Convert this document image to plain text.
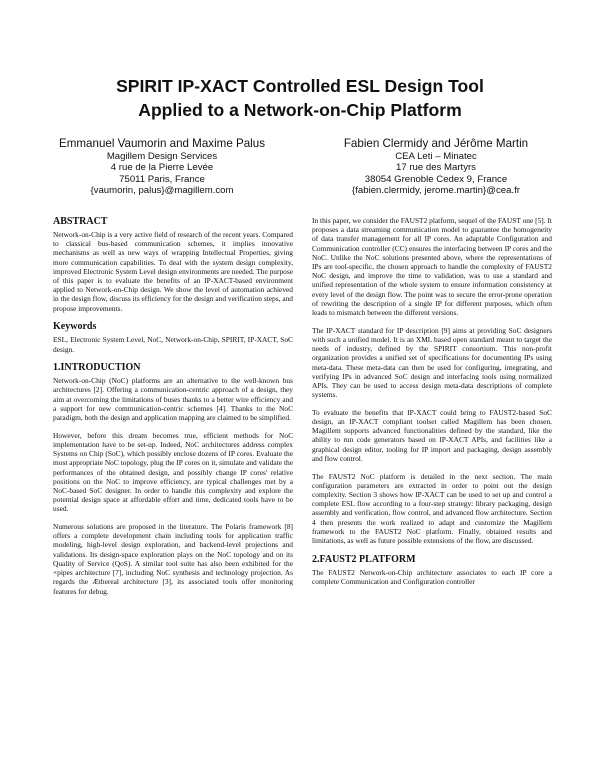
SPIRIT IP-XACT Controlled ESL Design Tool
Applied to a Network-on-Chip Platform
Emmanuel Vaumorin and Maxime Palus
Magillem Design Services
4 rue de la Pierre Levée
75011 Paris, France
{vaumorin, palus}@magillem.com
Fabien Clermidy and Jérôme Martin
CEA Leti – Minatec
17 rue des Martyrs
38054 Grenoble Cedex 9, France
{fabien.clermidy, jerome.martin}@cea.fr
ABSTRACT

Network-on-Chip is a very active field of research of the recent years. Compared to classical bus-based communication schemes, it implies innovative mechanisms as well as new ways of wrapping Intellectual Properties, giving more communication capabilities. To deal with the system design complexity, improved Electronic System Level design environments are needed. The purpose of this paper is to evaluate the benefits of an IP-XACT-based environment applied to Network-on-Chip design. We show the level of automation achieved in the design flow, discuss its efficiency for the design and verification steps, and propose improvements.

Keywords

ESL, Electronic System Level, NoC, Network-on-Chip, SPIRIT, IP-XACT, SoC design.

1.INTRODUCTION

Network-on-Chip (NoC) platforms are an alternative to the well-known bus architectures [2]. Offering a communication-centric approach of a design, they aim at overcoming the limitations of buses thanks to a better wire efficiency and a support for new communication-centric schemes [4]. Thanks to the NoC paradigm, both the design and application mapping are claimed to be simplified.

However, before this dream becomes true, efficient methods for NoC implementation have to be set-up. Indeed, NoC architectures address complex Systems on Chip (SoC), which possibly enclose dozens of IP cores. Evaluate the most appropriate NoC topology, plug the IP cores on it, simulate and validate the performances of the obtained design, and possibly change IP cores' relative positions on the NoC to improve efficiency, are typical challenges met by a NoC-based SoC designer. In order to handle this complexity and explore the potential design space at affordable effort and time, dedicated tools have to be used.

Numerous solutions are proposed in the literature. The Polaris framework [8] offers a complete development chain including tools for application traffic modeling, high-level design exploration, and backend-level projections and validations. Its design-space exploration plays on the NoC topology and on its Quality of Service (QoS). A similar tool suite has also been exhibited for the ×pipes architecture [7], including NoC synthesis and technology projection. As regards the Æthereal architecture [3], its associated tools offer monitoring features for debug.

In this paper, we consider the FAUST2 platform, sequel of the FAUST one [5]. It proposes a data streaming communication model to guarantee the homogeneity of data transfer management for all IP cores. An adaptable Configuration and Communication controller (CC) ensures the interfacing between IP cores and the NoC. Unlike the NoC solutions presented above, where the representations of IPs are tool-specific, the chosen approach to handle the complexity of FAUST2 NoC design, and improve the time to validation, was to use a standard and unified representation of the whole system to ensure information consistency at every level of the design flow. The point was to secure the error-prone operation of rewriting the description of a single IP for different purposes, which often leads to mismatch between the different versions.

The IP-XACT standard for IP description [9] aims at providing SoC designers with such a unified model. It is an XML based open standard meant to target the needs of industry, defined by the SPIRIT consortium. This non-profit organization provides a unified set of specifications for documenting IPs using meta-data. These meta-data can then be used for configuring, integrating, and verifying IPs in advanced SoC design and interfacing tools using normalized APIs. They can be used to access design meta-data descriptions of complete systems.

To evaluate the benefits that IP-XACT could bring to FAUST2-based SoC design, an IP-XACT compliant toolset called Magillem has been chosen. Magillem supports advanced functionalities defined by the standard, like the ability to run code generators based on IP-XACT APIs, and facilities like a graphical design editor, tooling for IP import and packaging, design assembly and flow control.

The FAUST2 NoC platform is detailed in the next section. The main configuration parameters are extracted in order to point out the design complexity. Section 3 shows how IP-XACT can be used to set up and control a complete ESL flow according to a four-step strategy: library packaging, design assembly and verification, flow control, and advanced flow architecture. Section 4 then presents the work realized to adapt and customize the Magillem framework to the FAUST2 NoC platform. Finally, obtained results and limitations, as well as future possible extensions of the flow, are discussed.

2.FAUST2 PLATFORM

The FAUST2 Network-on-Chip architecture associates to each IP core a complete Communication and Configuration controller
